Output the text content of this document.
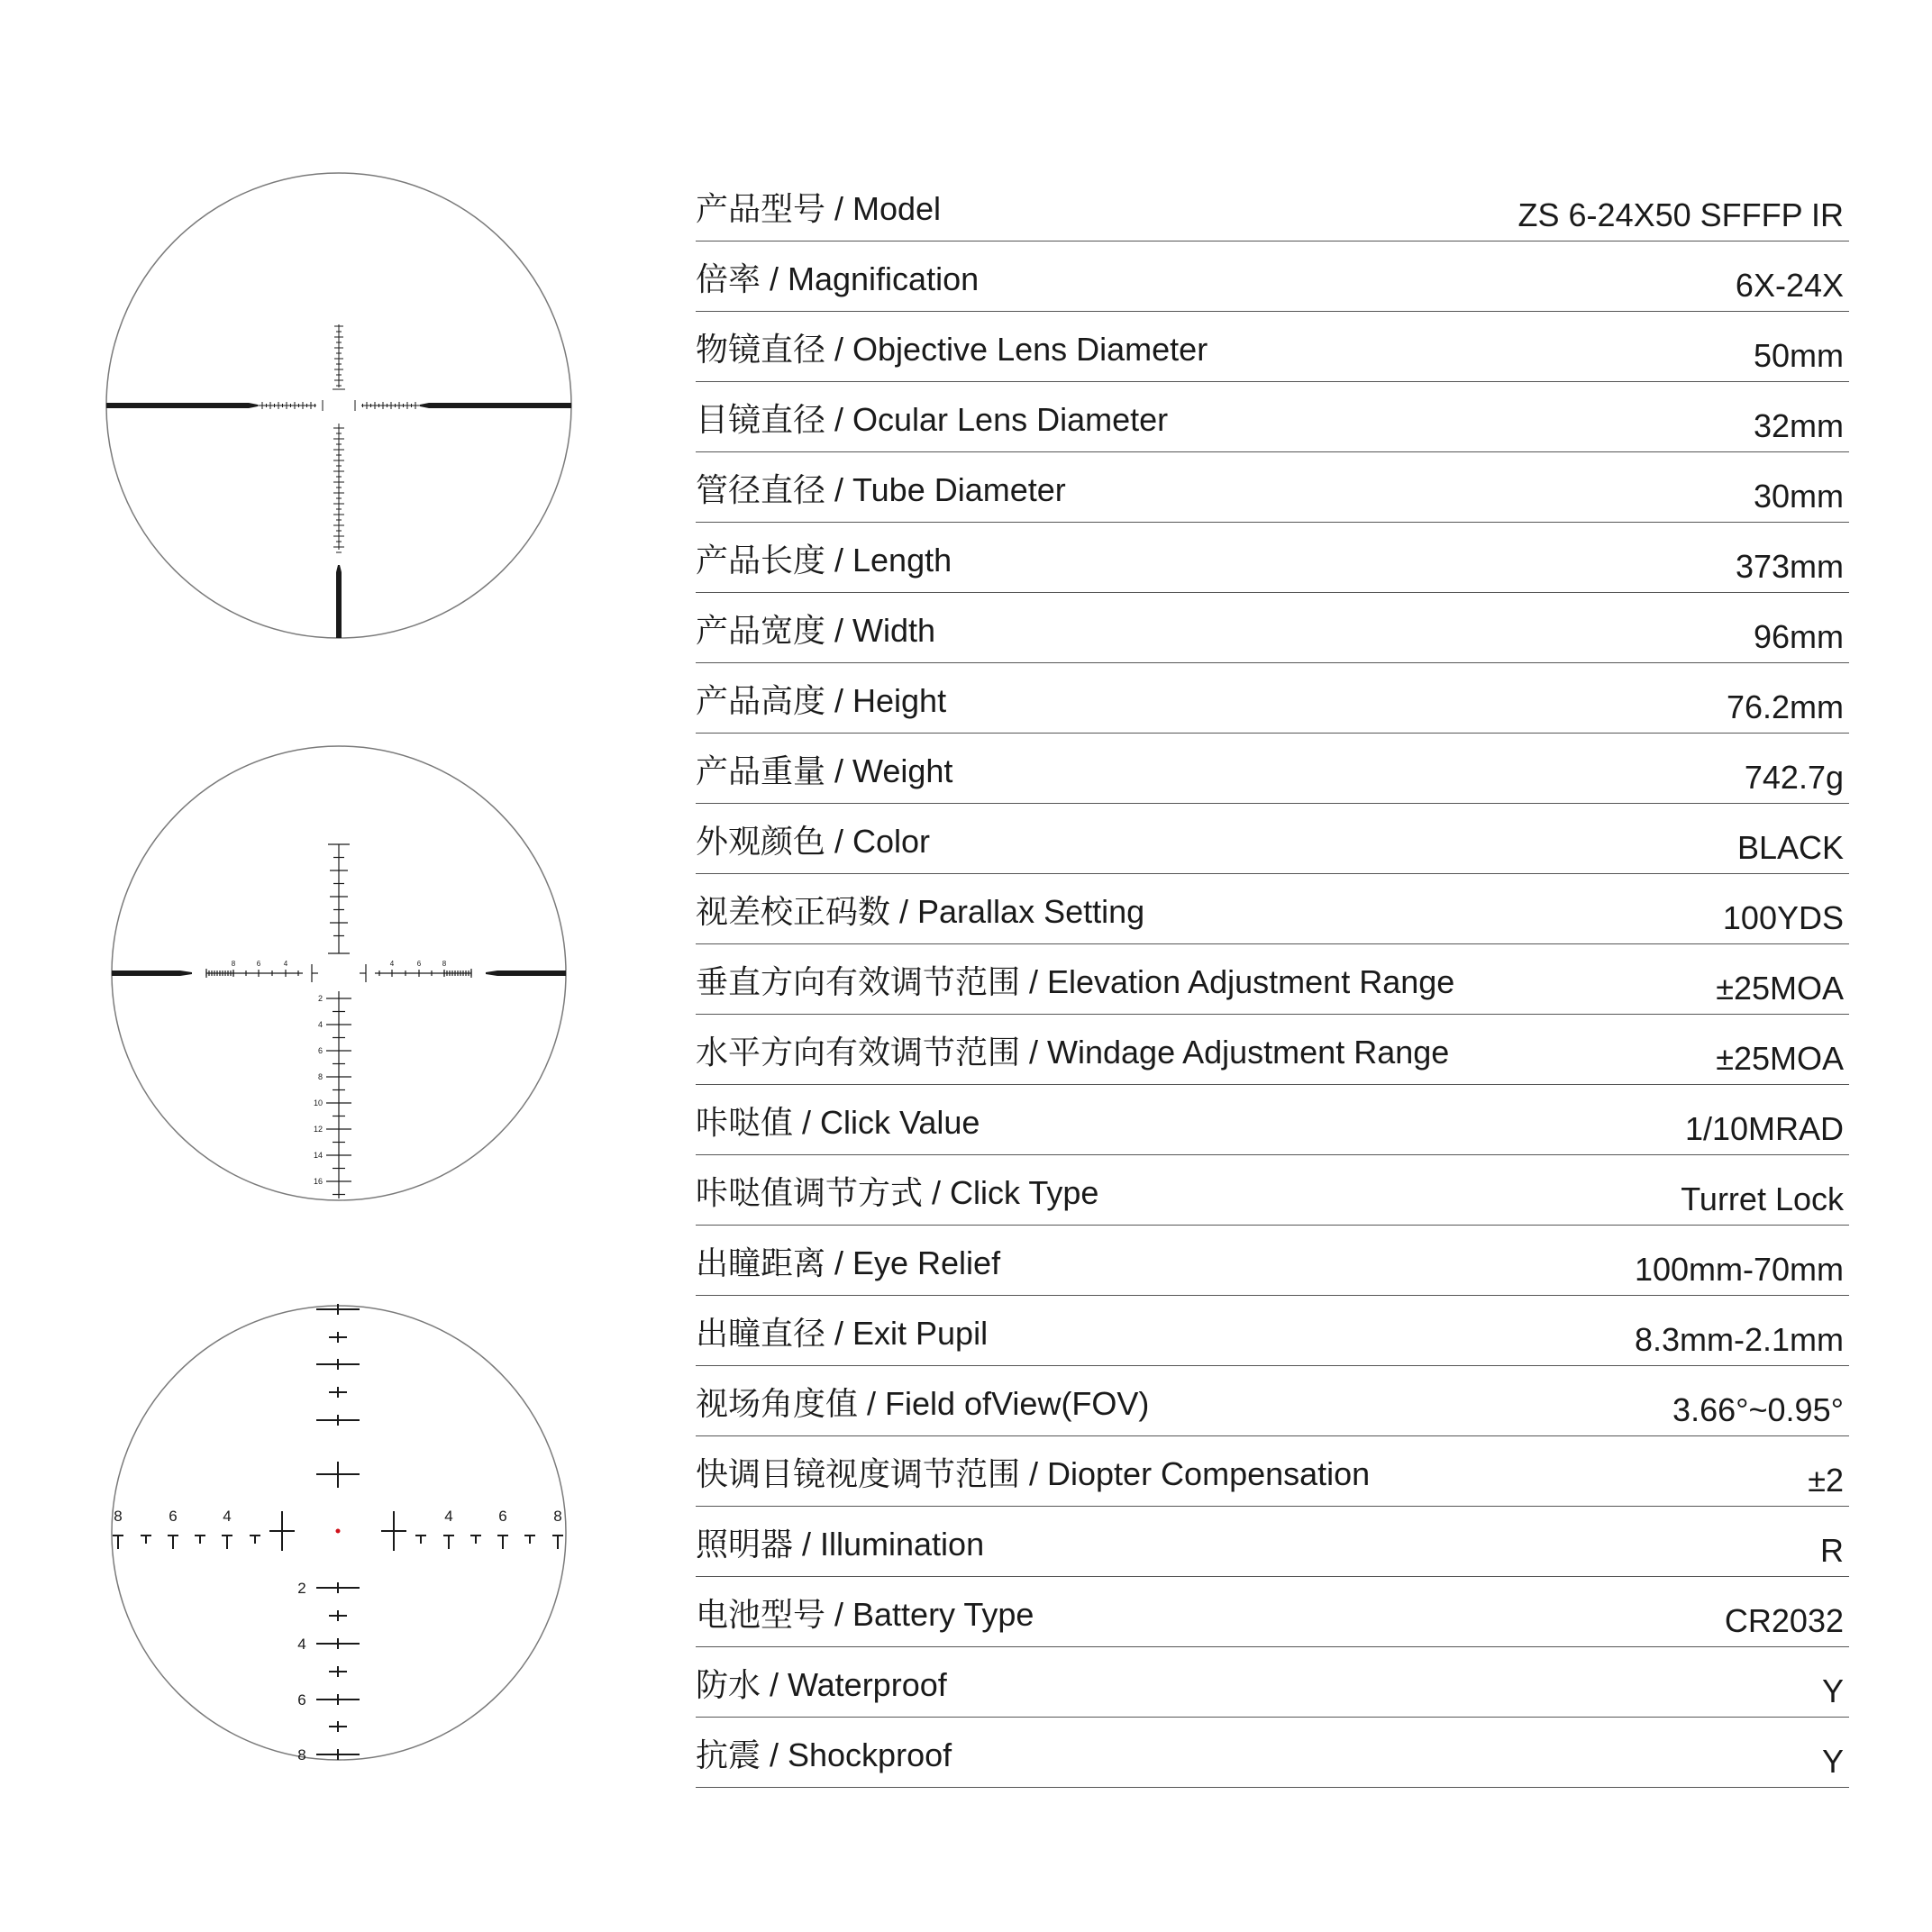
8	8
6	6
4	4
2
4
6
8
10
12
14
16
8	8
6	6
4	4
2
4
6
8
产品型号 / Model	ZS 6-24X50 SFFFP IR
倍率 / Magnification	6X-24X
物镜直径 / Objective Lens Diameter	50mm
目镜直径 / Ocular Lens Diameter	32mm
管径直径 / Tube Diameter	30mm
产品长度 / Length	373mm
产品宽度 / Width	96mm
产品高度 / Height	76.2mm
产品重量 / Weight	742.7g
外观颜色 / Color	BLACK
视差校正码数 / Parallax Setting	100YDS
垂直方向有效调节范围 / Elevation Adjustment Range	±25MOA
水平方向有效调节范围 / Windage Adjustment Range	±25MOA
咔哒值 / Click Value	1/10MRAD
咔哒值调节方式 / Click Type	Turret Lock
出瞳距离 / Eye Relief	100mm-70mm
出瞳直径 / Exit Pupil	8.3mm-2.1mm
视场角度值 / Field ofView(FOV)	3.66°~0.95°
快调目镜视度调节范围 / Diopter Compensation	±2
照明器 / Illumination	R
电池型号 / Battery Type	CR2032
防水 / Waterproof	Y
抗震 / Shockproof	Y
